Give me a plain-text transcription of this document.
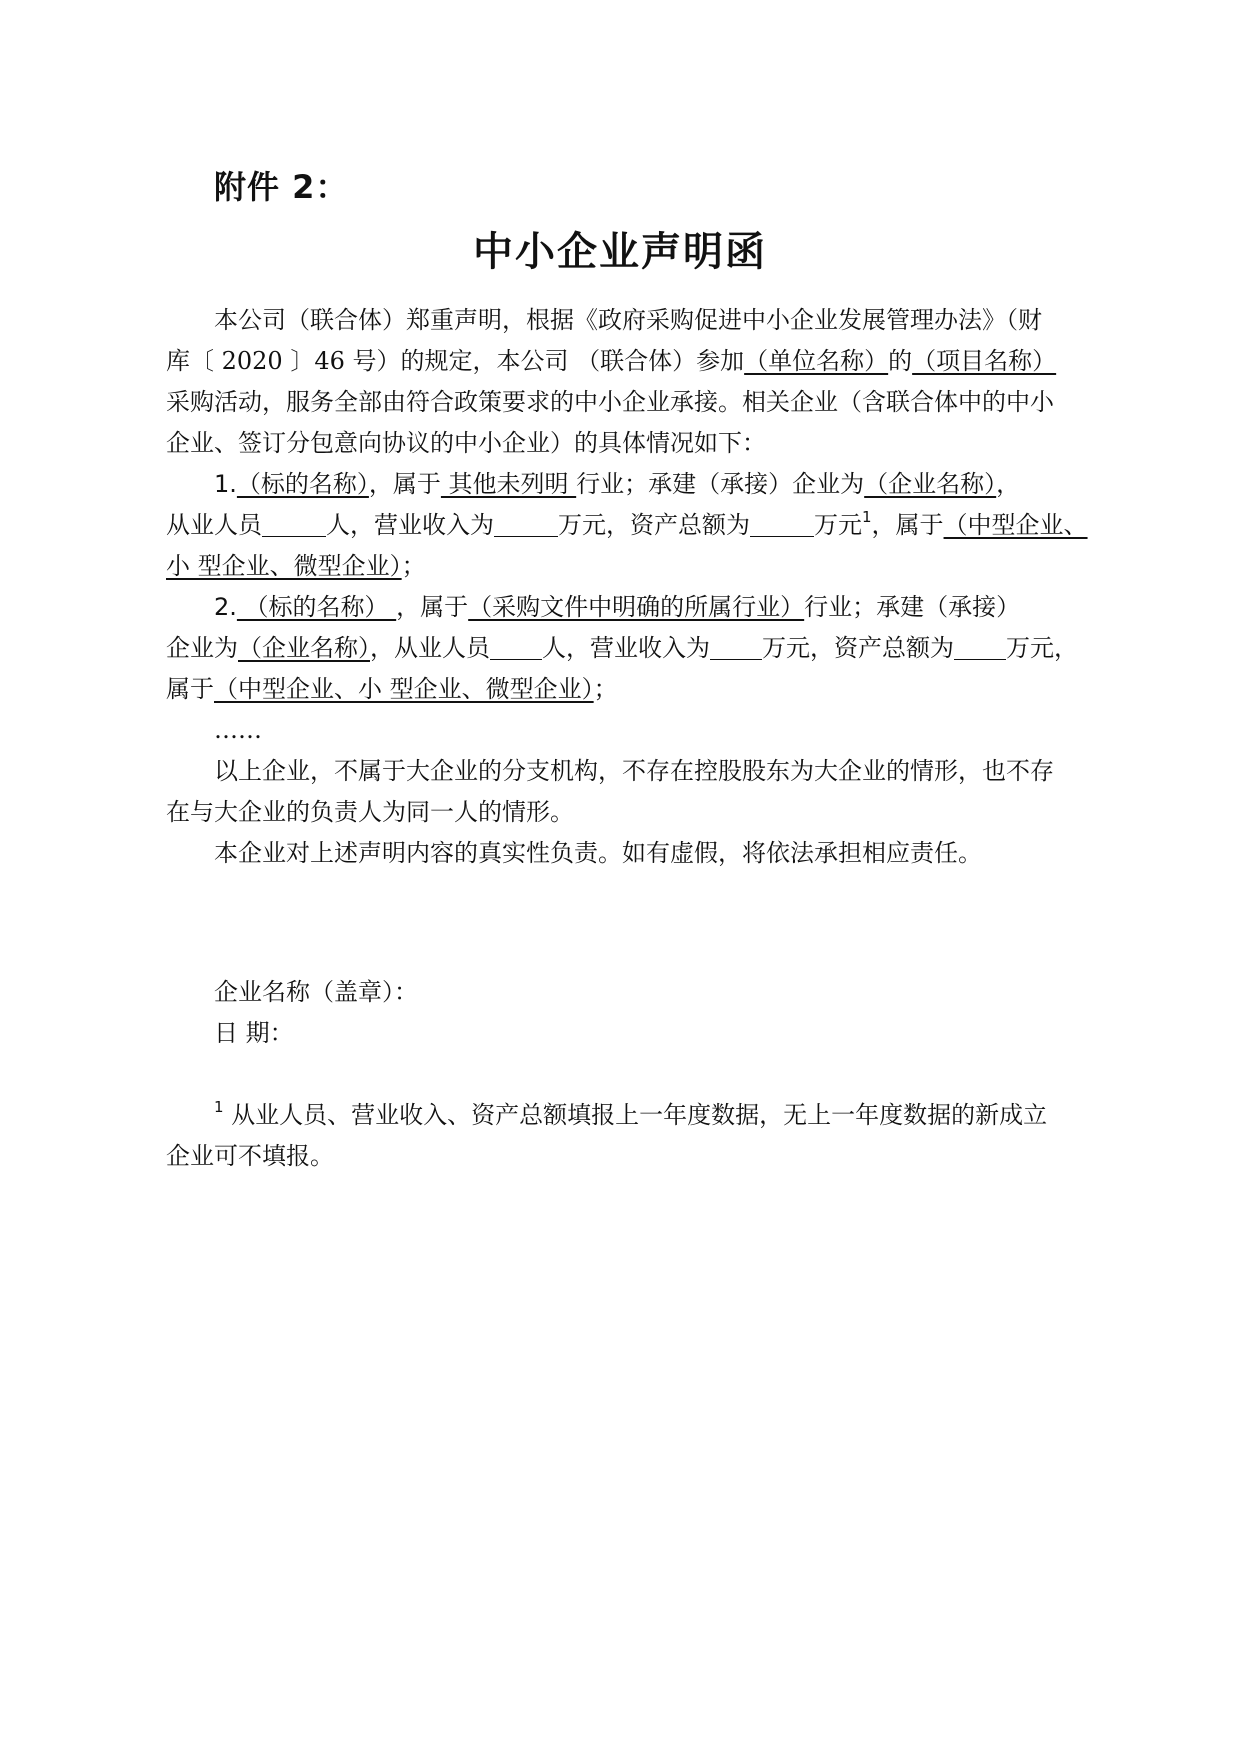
附件 2：
中小企业声明函
本公司（联合体）郑重声明，根据《政府采购促进中小企业发展管理办法》（财
库〔 2020 〕46 号）的规定，本公司 （联合体）参加（单位名称）的（项目名称）
采购活动，服务全部由符合政策要求的中小企业承接。相关企业（含联合体中的中小
企业、签订分包意向协议的中小企业）的具体情况如下：
1.（标的名称），属于 其他未列明 行业；承建（承接）企业为（企业名称），
从业人员	人，营业收入为	万元，资产总额为	万元$^1$，属于（中型企业、
小 型企业、微型企业）；
2. （标的名称） ，属于（采购文件中明确的所属行业）行业；承建（承接）
企业为（企业名称），从业人员 人，营业收入为 万元，资产总额为 万元，
属于（中型企业、小 型企业、微型企业）；
……
以上企业，不属于大企业的分支机构，不存在控股股东为大企业的情形，也不存
在与大企业的负责人为同一人的情形。
本企业对上述声明内容的真实性负责。如有虚假，将依法承担相应责任。
企业名称（盖章）：
日 期：
$^1$ 从业人员、营业收入、资产总额填报上一年度数据，无上一年度数据的新成立
企业可不填报。
